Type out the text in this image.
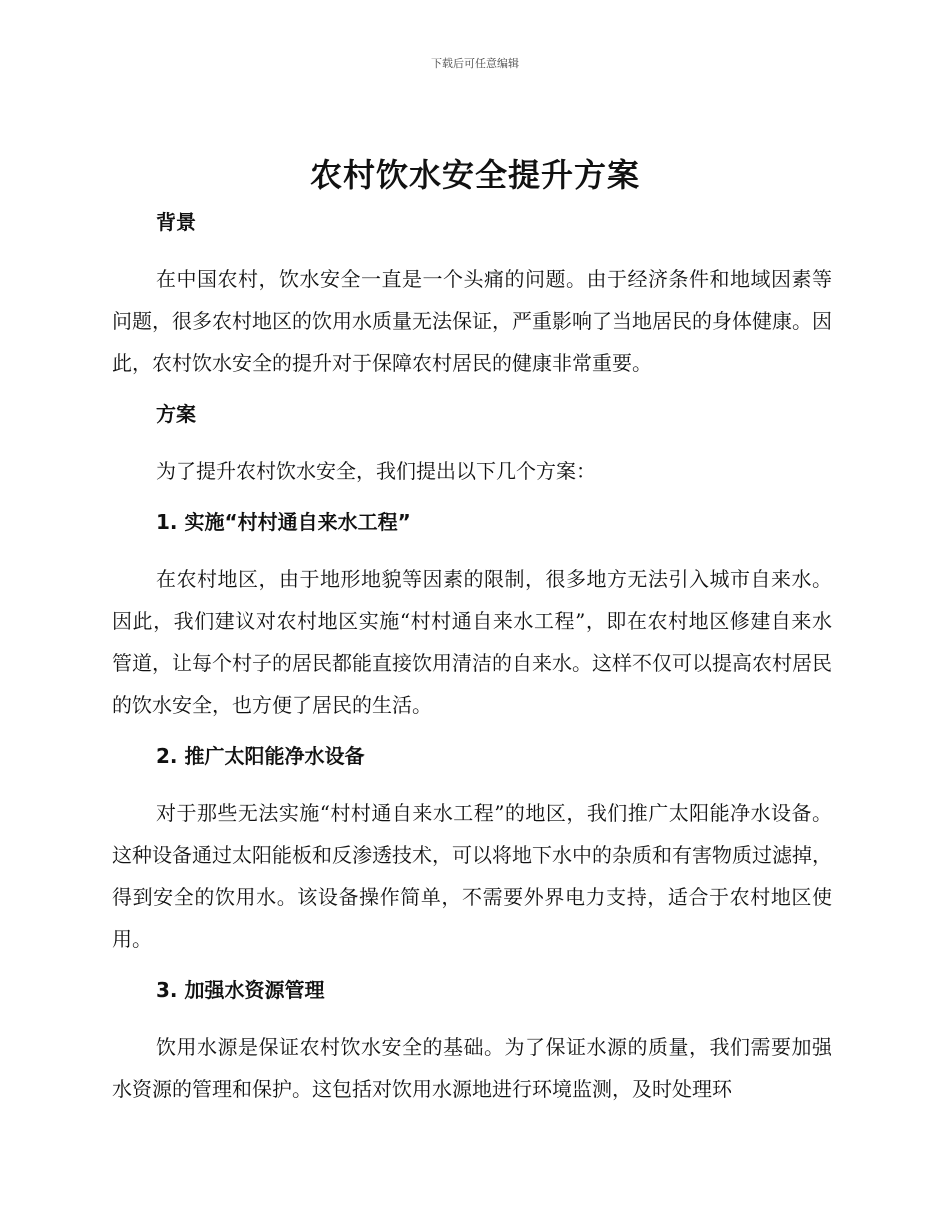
下载后可任意编辑
农村饮水安全提升方案
背景

在中国农村，饮水安全一直是一个头痛的问题。由于经济条件和地域因素等问题，很多农村地区的饮用水质量无法保证，严重影响了当地居民的身体健康。因此，农村饮水安全的提升对于保障农村居民的健康非常重要。

方案

为了提升农村饮水安全，我们提出以下几个方案：

1. 实施“村村通自来水工程”

在农村地区，由于地形地貌等因素的限制，很多地方无法引入城市自来水。因此，我们建议对农村地区实施“村村通自来水工程”，即在农村地区修建自来水管道，让每个村子的居民都能直接饮用清洁的自来水。这样不仅可以提高农村居民的饮水安全，也方便了居民的生活。

2. 推广太阳能净水设备

对于那些无法实施“村村通自来水工程”的地区，我们推广太阳能净水设备。这种设备通过太阳能板和反渗透技术，可以将地下水中的杂质和有害物质过滤掉，得到安全的饮用水。该设备操作简单，不需要外界电力支持，适合于农村地区使用。

3. 加强水资源管理

饮用水源是保证农村饮水安全的基础。为了保证水源的质量，我们需要加强水资源的管理和保护。这包括对饮用水源地进行环境监测，及时处理环
